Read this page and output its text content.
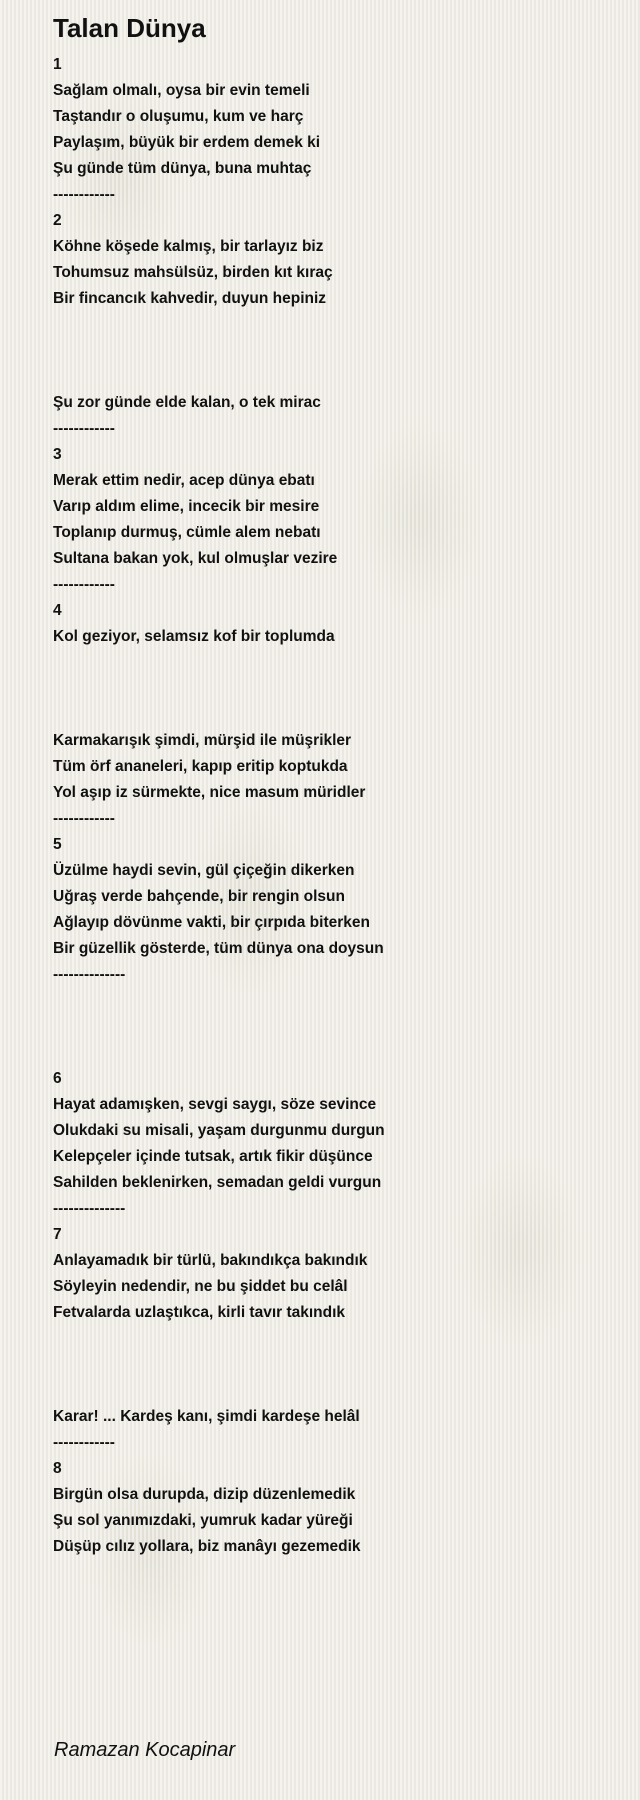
Talan Dünya
1
Sağlam olmalı, oysa bir evin temeli
Taştandır o oluşumu, kum ve harç
Paylaşım, büyük bir erdem demek ki
Şu günde tüm dünya, buna muhtaç
------------
2
Köhne köşede kalmış, bir tarlayız biz
Tohumsuz mahsülsüz, birden kıt kıraç
Bir fincancık kahvedir, duyun hepiniz
Şu zor günde elde kalan, o tek mirac
------------
3
Merak ettim nedir, acep dünya ebatı
Varıp aldım elime, incecik bir mesire
Toplanıp durmuş, cümle alem nebatı
Sultana bakan yok, kul olmuşlar vezire
------------
4
Kol geziyor, selamsız kof bir toplumda
Karmakarışık şimdi, mürşid ile müşrikler
Tüm örf ananeleri, kapıp eritip koptukda
Yol aşıp iz sürmekte, nice masum müridler
------------
5
Üzülme haydi sevin, gül çiçeğin dikerken
Uğraş verde bahçende, bir rengin olsun
Ağlayıp dövünme vakti, bir çırpıda biterken
Bir güzellik gösterde, tüm dünya ona doysun
--------------
6
Hayat adamışken, sevgi saygı, söze sevince
Olukdaki su misali, yaşam durgunmu durgun
Kelepçeler içinde tutsak, artık fikir düşünce
Sahilden beklenirken, semadan geldi vurgun
--------------
7
Anlayamadık bir türlü, bakındıkça bakındık
Söyleyin nedendir, ne bu şiddet bu celâl
Fetvalarda uzlaştıkca, kirli tavır takındık
Karar! ... Kardeş kanı, şimdi kardeşe helâl
------------
8
Birgün olsa durupda, dizip düzenlemedik
Şu sol yanımızdaki, yumruk kadar yüreği
Düşüp cılız yollara, biz manâyı gezemedik
Ramazan Kocapinar
